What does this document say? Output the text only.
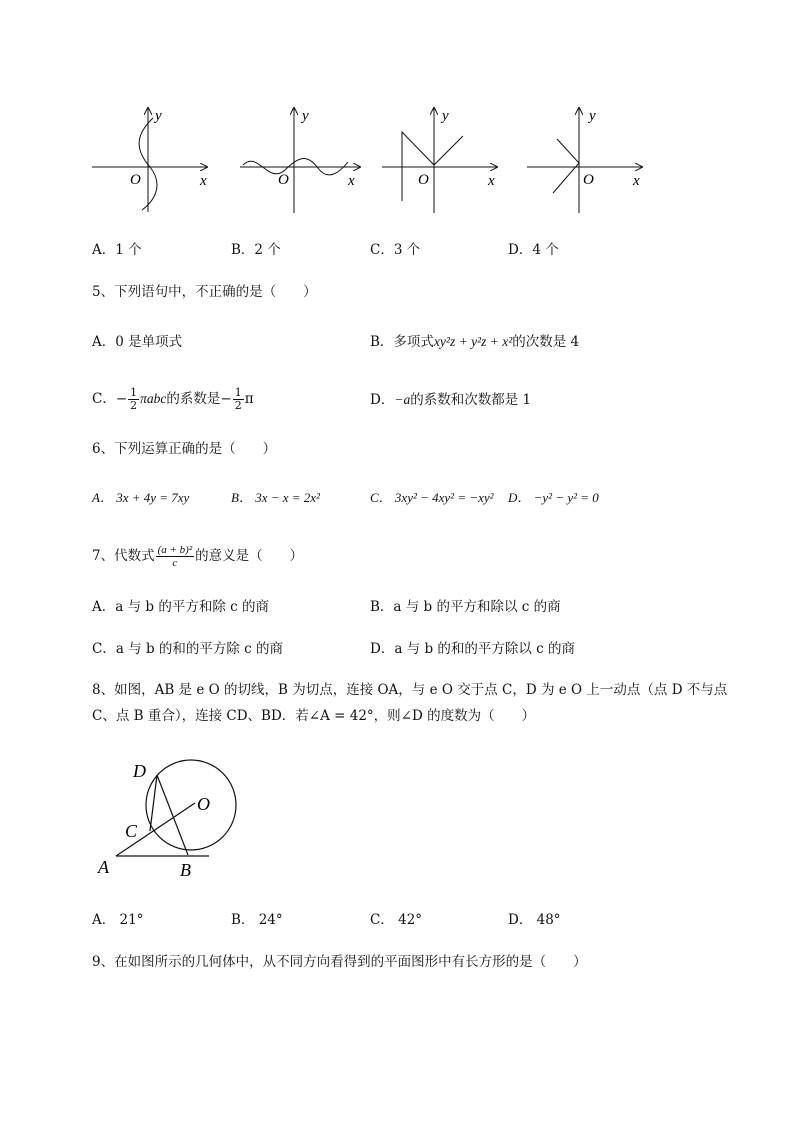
y
x
O
y
x
O
y
x
O
y
x
O
A．1 个	B．2 个	C．3 个	D．4 个
5、下列语句中，不正确的是（　　）
A．0 是单项式	B．多项式xy²z + y²z + x²的次数是 4
C．− $\frac{1}{2}$ πabc的系数是− $\frac{1}{2}$ π	D．−a的系数和次数都是 1
6、下列运算正确的是（　　）
A． 3x + 4y = 7xy	B． 3x − x = 2x²	C． 3xy² − 4xy² = −xy² D． −y² − y² = 0
7、代数式 $\frac{\text{(a + b)²}}{c}$ 的意义是（　　）
A．a 与 b 的平方和除 c 的商	B．a 与 b 的平方和除以 c 的商
C．a 与 b 的和的平方除 c 的商	D．a 与 b 的和的平方除以 c 的商
8、如图，AB 是 e O 的切线，B 为切点，连接 OA，与 e O 交于点 C，D 为 e O 上一动点（点 D 不与点
C、点 B 重合），连接 CD、BD．若∠A = 42°，则∠D 的度数为（　　）
D
O
C
A	B
A． 21°	B． 24°	C． 42°	D． 48°
9、在如图所示的几何体中，从不同方向看得到的平面图形中有长方形的是（　　）
